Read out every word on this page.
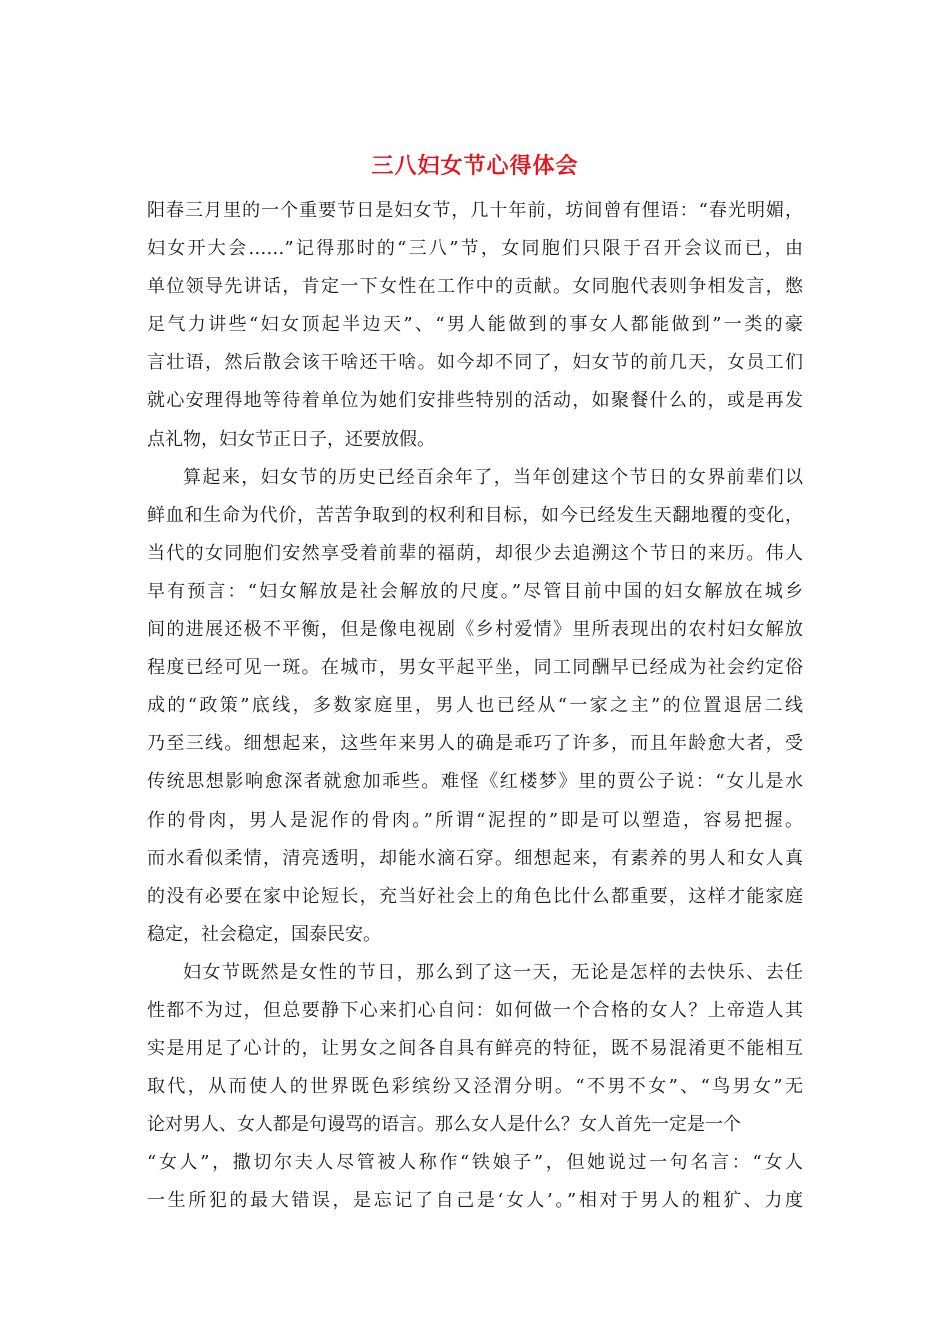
三八妇女节心得体会
阳春三月里的一个重要节日是妇女节，几十年前，坊间曾有俚语：“春光明媚，
妇女开大会……”记得那时的“三八”节，女同胞们只限于召开会议而已，由
单位领导先讲话，肯定一下女性在工作中的贡献。女同胞代表则争相发言，憋
足气力讲些“妇女顶起半边天”、“男人能做到的事女人都能做到”一类的豪
言壮语，然后散会该干啥还干啥。如今却不同了，妇女节的前几天，女员工们
就心安理得地等待着单位为她们安排些特别的活动，如聚餐什么的，或是再发
点礼物，妇女节正日子，还要放假。
算起来，妇女节的历史已经百余年了，当年创建这个节日的女界前辈们以
鲜血和生命为代价，苦苦争取到的权利和目标，如今已经发生天翻地覆的变化，
当代的女同胞们安然享受着前辈的福荫，却很少去追溯这个节日的来历。伟人
早有预言：“妇女解放是社会解放的尺度。”尽管目前中国的妇女解放在城乡
间的进展还极不平衡，但是像电视剧《乡村爱情》里所表现出的农村妇女解放
程度已经可见一斑。在城市，男女平起平坐，同工同酬早已经成为社会约定俗
成的“政策”底线，多数家庭里，男人也已经从“一家之主”的位置退居二线
乃至三线。细想起来，这些年来男人的确是乖巧了许多，而且年龄愈大者，受
传统思想影响愈深者就愈加乖些。难怪《红楼梦》里的贾公子说：“女儿是水
作的骨肉，男人是泥作的骨肉。”所谓“泥捏的”即是可以塑造，容易把握。
而水看似柔情，清亮透明，却能水滴石穿。细想起来，有素养的男人和女人真
的没有必要在家中论短长，充当好社会上的角色比什么都重要，这样才能家庭
稳定，社会稳定，国泰民安。
妇女节既然是女性的节日，那么到了这一天，无论是怎样的去快乐、去任
性都不为过，但总要静下心来扪心自问：如何做一个合格的女人？上帝造人其
实是用足了心计的，让男女之间各自具有鲜亮的特征，既不易混淆更不能相互
取代，从而使人的世界既色彩缤纷又泾渭分明。“不男不女”、“鸟男女”无
论对男人、女人都是句谩骂的语言。那么女人是什么？女人首先一定是一个
“女人”，撒切尔夫人尽管被人称作“铁娘子”，但她说过一句名言：“女人
一生所犯的最大错误，是忘记了自己是‘女人’。”相对于男人的粗犷、力度
